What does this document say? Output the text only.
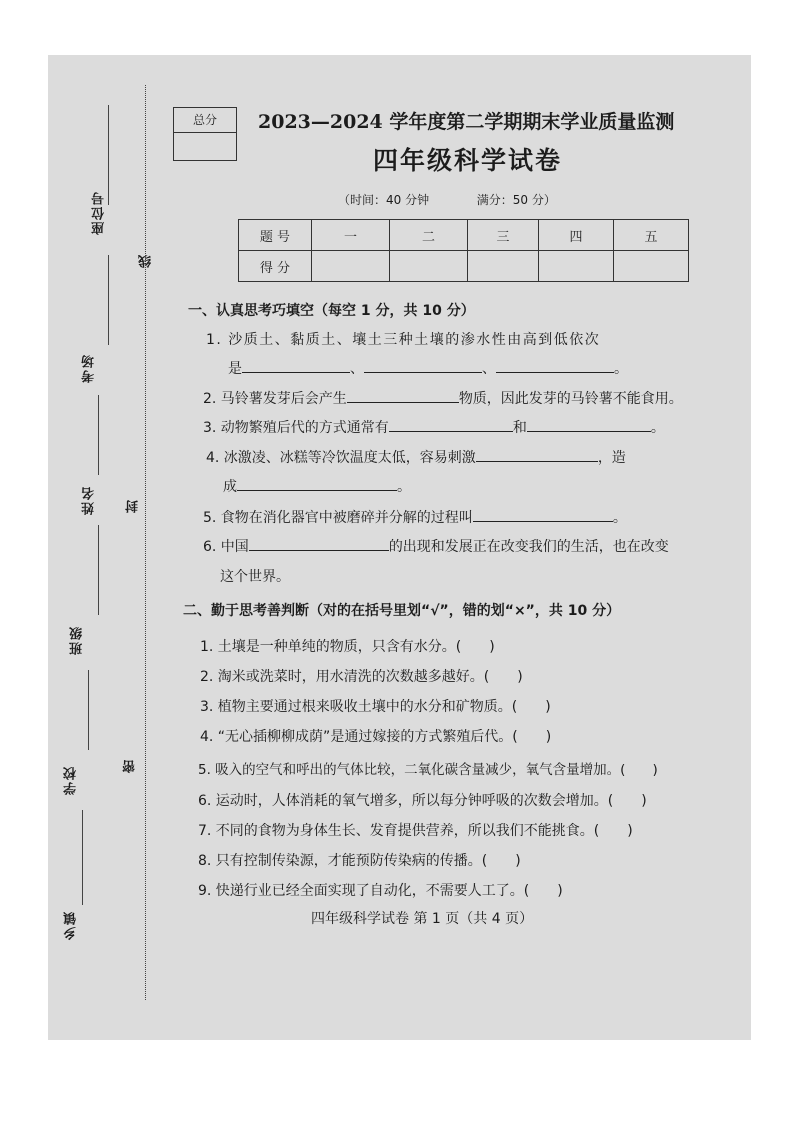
座位号
考场
姓名
班级
学校
乡镇
线
封
密
总分	2023—2024 学年度第二学期期末学业质量监测
四年级科学试卷
（时间：40 分钟	满分：50 分）
题 号	一	二	三	四	五
得 分					
一、认真思考巧填空（每空 1 分，共 10 分）
1. 沙质土、黏质土、壤土三种土壤的渗水性由高到低依次
是	、	、	。
2. 马铃薯发芽后会产生	物质，因此发芽的马铃薯不能食用。
3. 动物繁殖后代的方式通常有	和	。
4. 冰激凌、冰糕等冷饮温度太低，容易刺激	，造
成	。
5. 食物在消化器官中被磨碎并分解的过程叫	。
6. 中国	的出现和发展正在改变我们的生活，也在改变
这个世界。
二、勤于思考善判断（对的在括号里划“√”，错的划“×”，共 10 分）
1. 土壤是一种单纯的物质，只含有水分。(　　)
2. 淘米或洗菜时，用水清洗的次数越多越好。(　　)
3. 植物主要通过根来吸收土壤中的水分和矿物质。(　　)
4. “无心插柳柳成荫”是通过嫁接的方式繁殖后代。(　　)
5. 吸入的空气和呼出的气体比较，二氧化碳含量减少，氧气含量增加。(　　)
6. 运动时，人体消耗的氧气增多，所以每分钟呼吸的次数会增加。(　　)
7. 不同的食物为身体生长、发育提供营养，所以我们不能挑食。(　　)
8. 只有控制传染源，才能预防传染病的传播。(　　)
9. 快递行业已经全面实现了自动化，不需要人工了。(　　)
四年级科学试卷 第 1 页（共 4 页）
